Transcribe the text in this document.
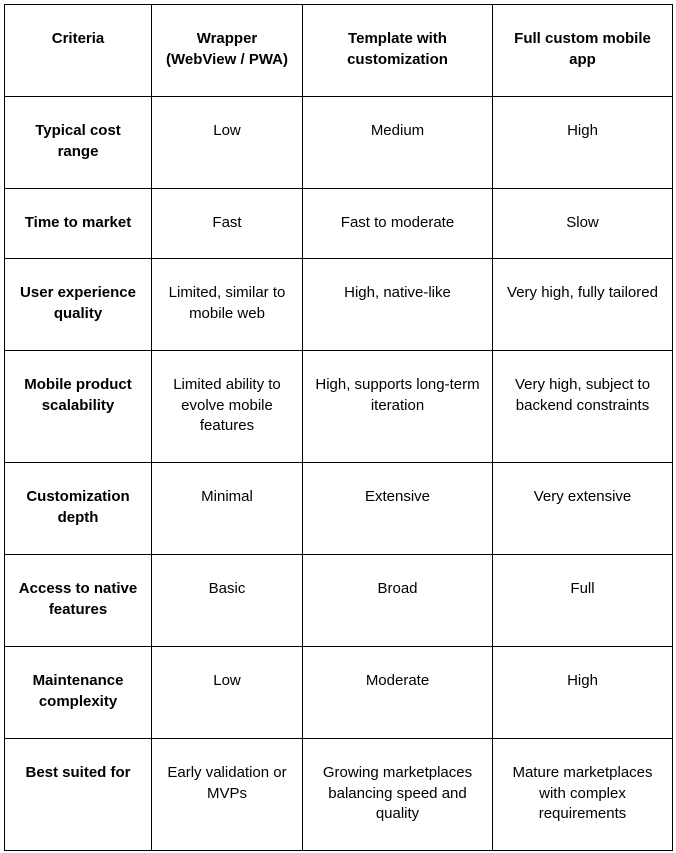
Criteria	Wrapper (WebView / PWA)	Template with customization	Full custom mobile app
Typical cost range	Low	Medium	High
Time to market	Fast	Fast to moderate	Slow
User experience quality	Limited, similar to mobile web	High, native-like	Very high, fully tailored
Mobile product scalability	Limited ability to evolve mobile features	High, supports long-term iteration	Very high, subject to backend constraints
Customization depth	Minimal	Extensive	Very extensive
Access to native features	Basic	Broad	Full
Maintenance complexity	Low	Moderate	High
Best suited for	Early validation or MVPs	Growing marketplaces balancing speed and quality	Mature marketplaces with complex requirements
